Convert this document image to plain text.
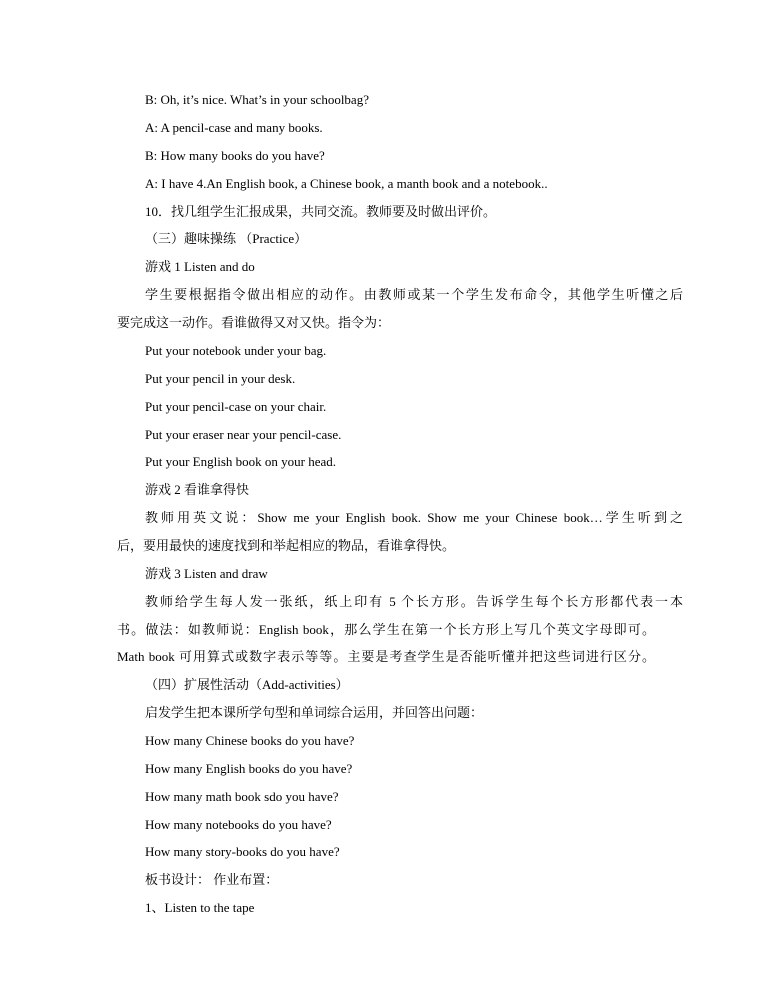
B: Oh, it’s nice. What’s in your schoolbag?
A: A pencil-case and many books.
B: How many books do you have?
A: I have 4.An English book, a Chinese book, a manth book and a notebook..
10．找几组学生汇报成果，共同交流。教师要及时做出评价。
（三）趣味操练 （Practice）
游戏 1 Listen and do
学生要根据指令做出相应的动作。由教师或某一个学生发布命令，其他学生听懂之后
要完成这一动作。看谁做得又对又快。指令为：
Put your notebook under your bag.
Put your pencil in your desk.
Put your pencil-case on your chair.
Put your eraser near your pencil-case.
Put your English book on your head.
游戏 2 看谁拿得快
教师用英文说：Show me your English book. Show me your Chinese book…学生听到之
后，要用最快的速度找到和举起相应的物品，看谁拿得快。
游戏 3 Listen and draw
教师给学生每人发一张纸，纸上印有 5 个长方形。告诉学生每个长方形都代表一本
书。做法：如教师说：English book，那么学生在第一个长方形上写几个英文字母即可。
Math book 可用算式或数字表示等等。主要是考查学生是否能听懂并把这些词进行区分。
（四）扩展性活动（Add-activities）
启发学生把本课所学句型和单词综合运用，并回答出问题：
How many Chinese books do you have?
How many English books do you have?
How many math book sdo you have?
How many notebooks do you have?
How many story-books do you have?
板书设计： 作业布置：
1、Listen to the tape
